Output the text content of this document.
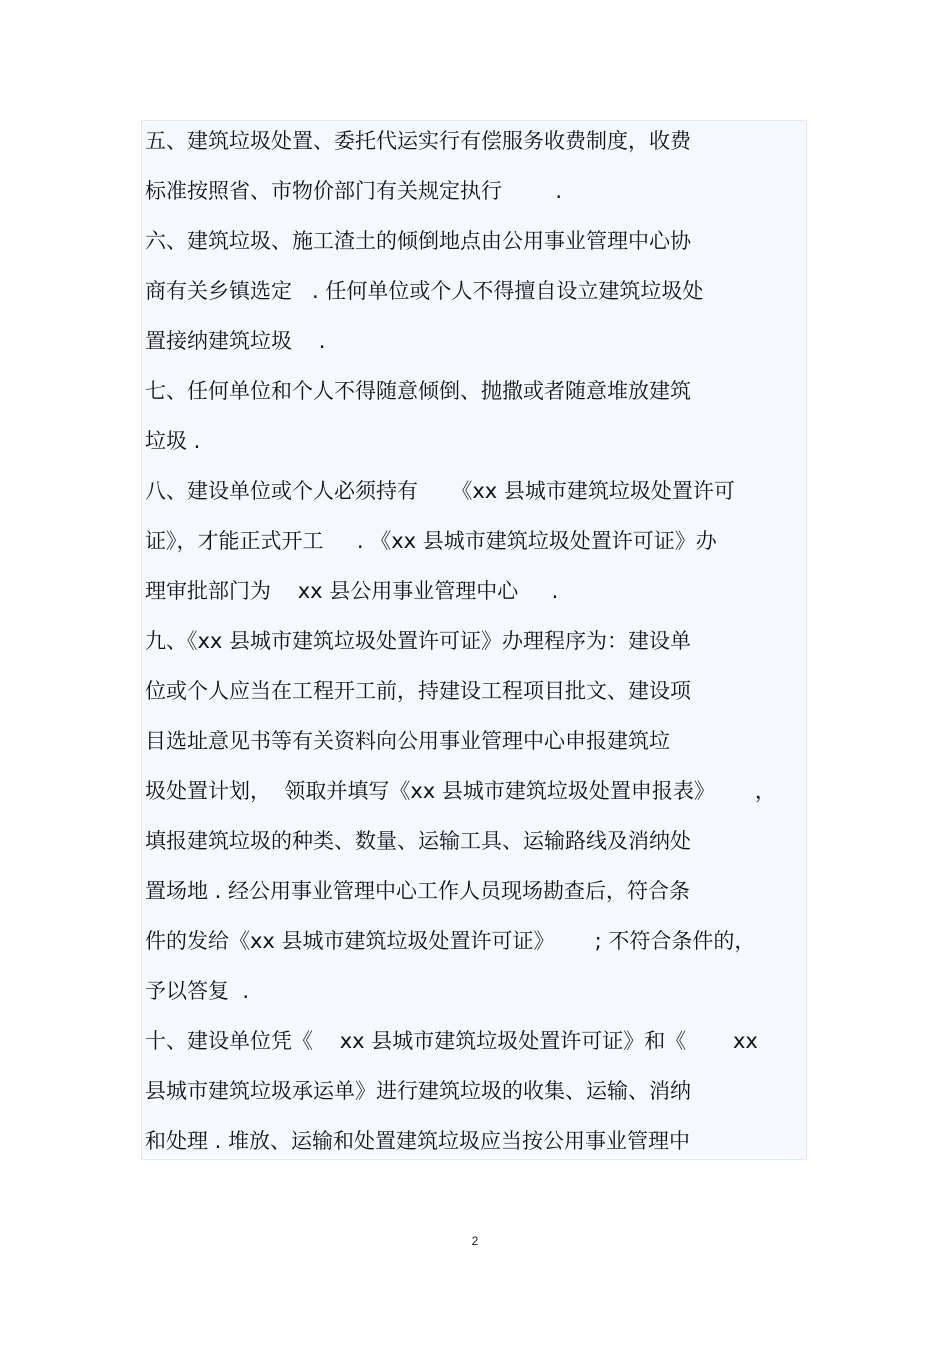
五、建筑垃圾处置、委托代运实行有偿服务收费制度，收费
标准按照省、市物价部门有关规定执行        .
六、建筑垃圾、施工渣土的倾倒地点由公用事业管理中心协
商有关乡镇选定   . 任何单位或个人不得擅自设立建筑垃圾处
置接纳建筑垃圾    .
七、任何单位和个人不得随意倾倒、抛撒或者随意堆放建筑
垃圾 .
八、建设单位或个人必须持有     《xx 县城市建筑垃圾处置许可
证》，才能正式开工     . 《xx 县城市建筑垃圾处置许可证》办
理审批部门为    xx 县公用事业管理中心     .
九、《xx 县城市建筑垃圾处置许可证》办理程序为：建设单
位或个人应当在工程开工前，持建设工程项目批文、建设项
目选址意见书等有关资料向公用事业管理中心申报建筑垃
圾处置计划，  领取并填写《xx 县城市建筑垃圾处置申报表》      ，
填报建筑垃圾的种类、数量、运输工具、运输路线及消纳处
置场地 . 经公用事业管理中心工作人员现场勘查后，符合条
件的发给《xx 县城市建筑垃圾处置许可证》      ; 不符合条件的，
予以答复  .
十、建设单位凭《    xx 县城市建筑垃圾处置许可证》和《       xx
县城市建筑垃圾承运单》进行建筑垃圾的收集、运输、消纳
和处理 . 堆放、运输和处置建筑垃圾应当按公用事业管理中
2
